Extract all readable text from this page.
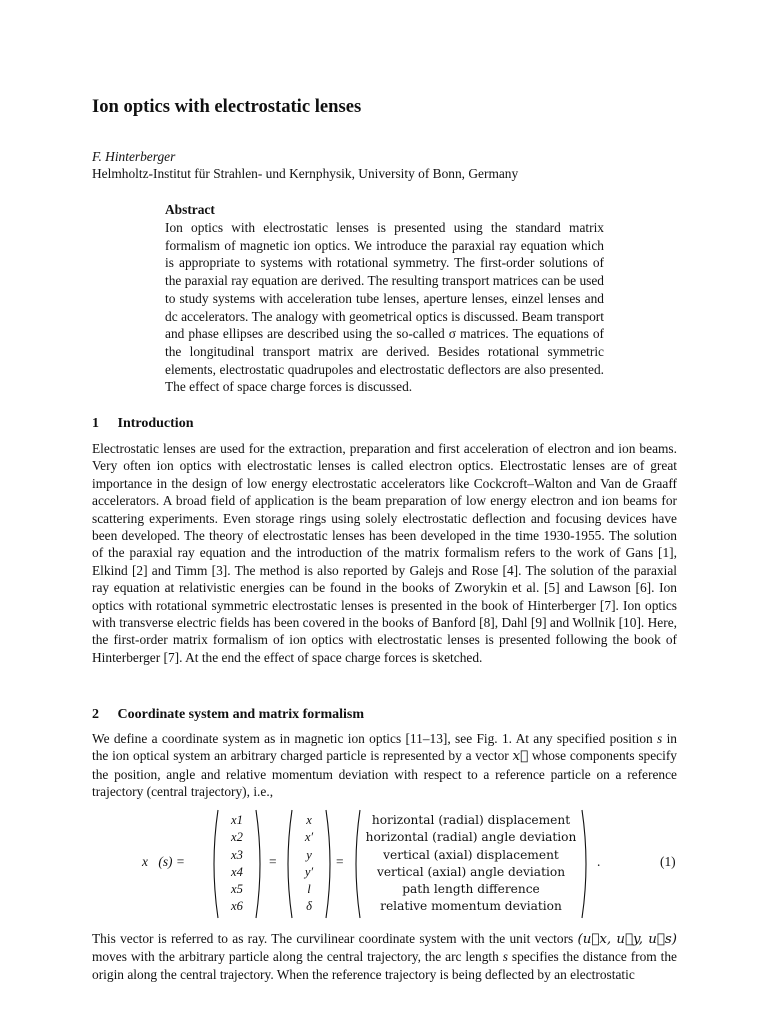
Ion optics with electrostatic lenses
F. Hinterberger
Helmholtz-Institut für Strahlen- und Kernphysik, University of Bonn, Germany
Abstract

Ion optics with electrostatic lenses is presented using the standard matrix formalism of magnetic ion optics. We introduce the paraxial ray equation which is appropriate to systems with rotational symmetry. The first-order solutions of the paraxial ray equation are derived. The resulting transport matrices can be used to study systems with acceleration tube lenses, aperture lenses, einzel lenses and dc accelerators. The analogy with geometrical optics is discussed. Beam transport and phase ellipses are described using the so-called σ matrices. The equations of the longitudinal transport matrix are derived. Besides rotational symmetric elements, electrostatic quadrupoles and electrostatic deflectors are also presented. The effect of space charge forces is discussed.

1 Introduction

Electrostatic lenses are used for the extraction, preparation and first acceleration of electron and ion beams. Very often ion optics with electrostatic lenses is called electron optics. Electrostatic lenses are of great importance in the design of low energy electrostatic accelerators like Cockcroft–Walton and Van de Graaff accelerators. A broad field of application is the beam preparation of low energy electron and ion beams for scattering experiments. Even storage rings using solely electrostatic deflection and focusing devices have been developed. The theory of electrostatic lenses has been developed in the time 1930-1955. The solution of the paraxial ray equation and the introduction of the matrix formalism refers to the work of Gans [1], Elkind [2] and Timm [3]. The method is also reported by Galejs and Rose [4]. The solution of the paraxial ray equation at relativistic energies can be found in the books of Zworykin et al. [5] and Lawson [6]. Ion optics with rotational symmetric electrostatic lenses is presented in the book of Hinterberger [7]. Ion optics with transverse electric fields has been covered in the books of Banford [8], Dahl [9] and Wollnik [10]. Here, the first-order matrix formalism of ion optics with electrostatic lenses is presented following the book of Hinterberger [7]. At the end the effect of space charge forces is sketched.

2 Coordinate system and matrix formalism

We define a coordinate system as in magnetic ion optics [11–13], see Fig. 1. At any specified position s in the ion optical system an arbitrary charged particle is represented by a vector x⃗ whose components specify the position, angle and relative momentum deviation with respect to a reference particle on a reference trajectory (central trajectory), i.e.,

x⃗(s) =
x1
x2
x3
x4
x5
x6
=
x
x′
y
y′
l
δ
=
horizontal (radial) displacement
horizontal (radial) angle deviation
vertical (axial) displacement
vertical (axial) angle deviation
path length difference
relative momentum deviation
.	(1)

This vector is referred to as ray. The curvilinear coordinate system with the unit vectors (u⃗x, u⃗y, u⃗s) moves with the arbitrary particle along the central trajectory, the arc length s specifies the distance from the origin along the central trajectory. When the reference trajectory is being deflected by an electrostatic
